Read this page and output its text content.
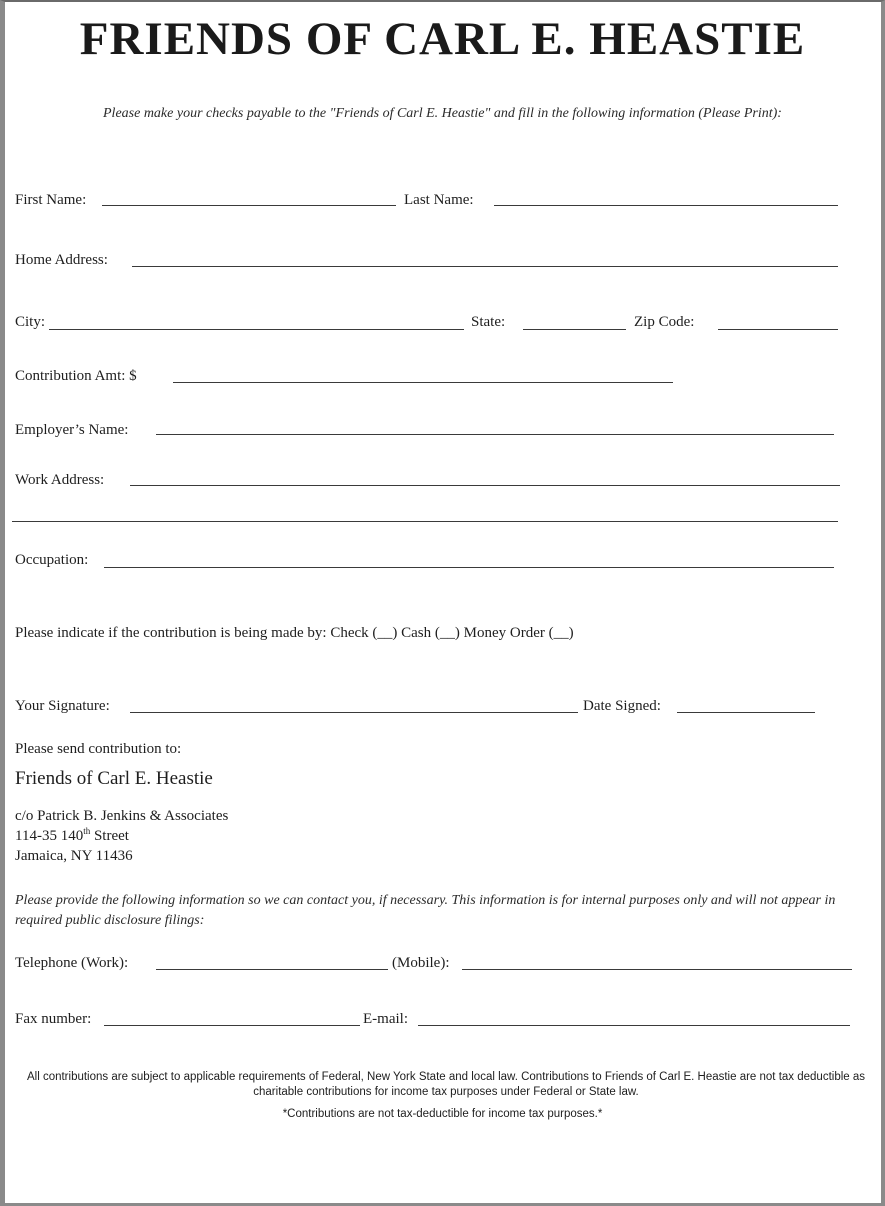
FRIENDS OF CARL E. HEASTIE
Please make your checks payable to the "Friends of Carl E. Heastie" and fill in the following information (Please Print):
First Name:	Last Name:
Home Address:
City:	State:	Zip Code:
Contribution Amt: $
Employer’s Name:
Work Address:
Occupation:
Please indicate if the contribution is being made by: Check (__) Cash (__) Money Order (__)
Your Signature:	Date Signed:
Please send contribution to:
Friends of Carl E. Heastie
c/o Patrick B. Jenkins & Associates
114-35 140th Street
Jamaica, NY 11436
Please provide the following information so we can contact you, if necessary. This information is for internal purposes only and will not appear in required public disclosure filings:
Telephone (Work):	(Mobile):
Fax number:	E-mail:
All contributions are subject to applicable requirements of Federal, New York State and local law. Contributions to Friends of Carl E. Heastie are not tax deductible as charitable contributions for income tax purposes under Federal or State law.
*Contributions are not tax-deductible for income tax purposes.*
